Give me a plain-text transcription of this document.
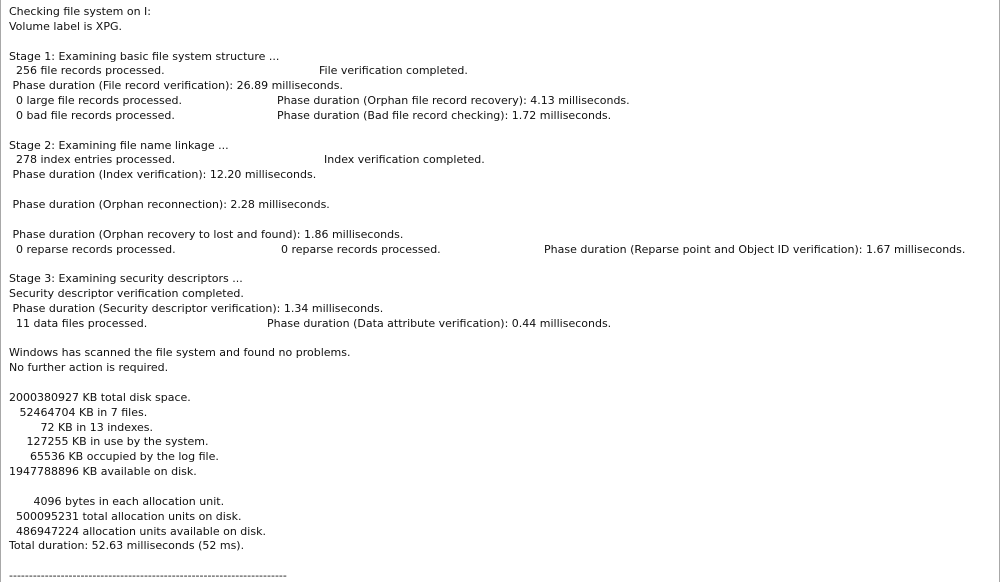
Checking file system on I:
Volume label is XPG.
Stage 1: Examining basic file system structure ...
256 file records processed.	File verification completed.
Phase duration (File record verification): 26.89 milliseconds.
0 large file records processed.	Phase duration (Orphan file record recovery): 4.13 milliseconds.
0 bad file records processed.	Phase duration (Bad file record checking): 1.72 milliseconds.
Stage 2: Examining file name linkage ...
278 index entries processed.	Index verification completed.
Phase duration (Index verification): 12.20 milliseconds.
Phase duration (Orphan reconnection): 2.28 milliseconds.
Phase duration (Orphan recovery to lost and found): 1.86 milliseconds.
0 reparse records processed.	0 reparse records processed.	Phase duration (Reparse point and Object ID verification): 1.67 milliseconds.
Stage 3: Examining security descriptors ...
Security descriptor verification completed.
Phase duration (Security descriptor verification): 1.34 milliseconds.
11 data files processed.	Phase duration (Data attribute verification): 0.44 milliseconds.
Windows has scanned the file system and found no problems.
No further action is required.
2000380927 KB total disk space.
52464704 KB in 7 files.
72 KB in 13 indexes.
127255 KB in use by the system.
65536 KB occupied by the log file.
1947788896 KB available on disk.
4096 bytes in each allocation unit.
500095231 total allocation units on disk.
486947224 allocation units available on disk.
Total duration: 52.63 milliseconds (52 ms).
----------------------------------------------------------------------
